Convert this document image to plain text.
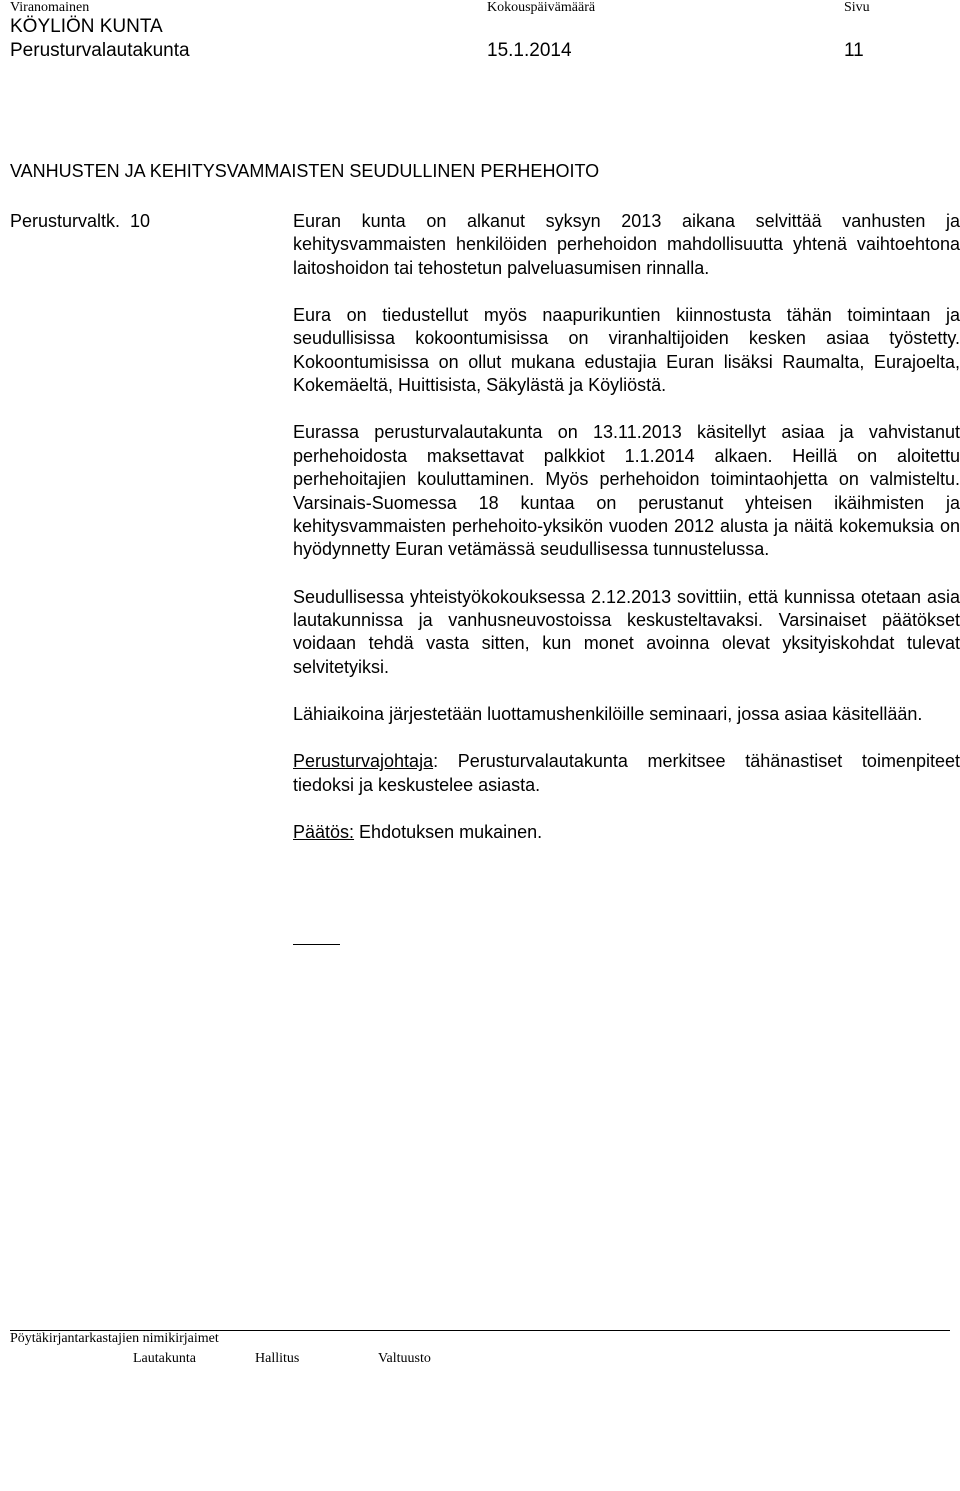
Viranomainen	Kokouspäivämäärä	Sivu
KÖYLIÖN KUNTA
Perusturvalautakunta	15.1.2014	11
VANHUSTEN JA KEHITYSVAMMAISTEN SEUDULLINEN PERHEHOITO
Perusturvaltk.  10	Euran kunta on alkanut syksyn 2013 aikana selvittää vanhusten ja kehitysvammaisten henkilöiden perhehoidon mahdollisuutta yhtenä vaihtoehtona laitoshoidon tai tehostetun palveluasumisen rinnalla.

Eura on tiedustellut myös naapurikuntien kiinnostusta tähän toimintaan ja seudullisissa kokoontumisissa on viranhaltijoiden kesken asiaa työstetty. Kokoontumisissa on ollut mukana edustajia Euran lisäksi Raumalta, Eurajoelta, Kokemäeltä, Huittisista, Säkylästä ja Köyliöstä.

Eurassa perusturvalautakunta on 13.11.2013 käsitellyt asiaa ja vahvistanut perhehoidosta maksettavat palkkiot 1.1.2014 alkaen. Heillä on aloitettu perhehoitajien kouluttaminen. Myös perhehoidon toimintaohjetta on valmisteltu. Varsinais-Suomessa 18 kuntaa on perustanut yhteisen ikäihmisten ja kehitysvammaisten perhehoito-yksikön vuoden 2012 alusta ja näitä kokemuksia on hyödynnetty Euran vetämässä seudullisessa tunnustelussa.

Seudullisessa yhteistyökokouksessa 2.12.2013 sovittiin, että kunnissa otetaan asia lautakunnissa ja vanhusneuvostoissa keskusteltavaksi. Varsinaiset päätökset voidaan tehdä vasta sitten, kun monet avoinna olevat yksityiskohdat tulevat selvitetyiksi.

Lähiaikoina järjestetään luottamushenkilöille seminaari, jossa asiaa käsitellään.

Perusturvajohtaja: Perusturvalautakunta merkitsee tähänastiset toimenpiteet tiedoksi ja keskustelee asiasta.

Päätös: Ehdotuksen mukainen.

Pöytäkirjantarkastajien nimikirjaimet
Lautakunta	Hallitus	Valtuusto
